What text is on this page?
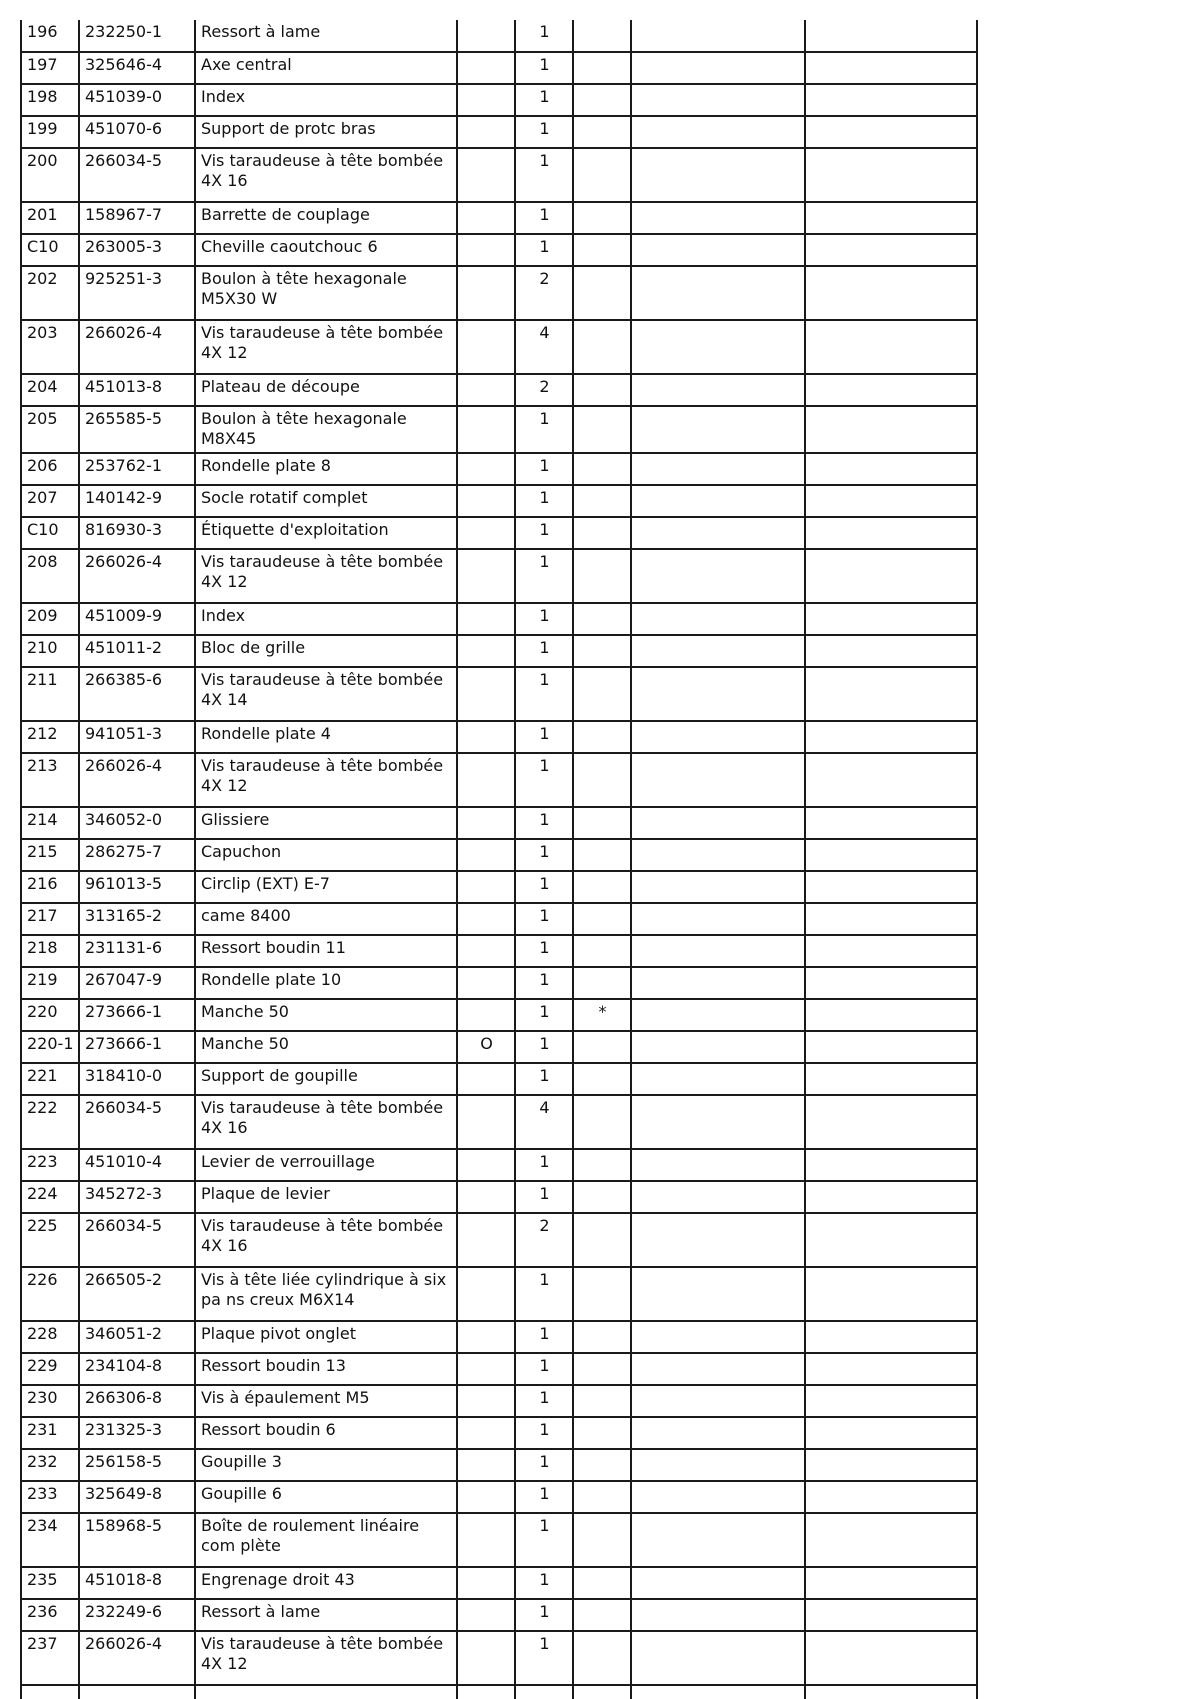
196	232250-1	Ressort à lame		1			
197	325646-4	Axe central		1			
198	451039-0	Index		1			
199	451070-6	Support de protc bras		1			
200	266034-5	Vis taraudeuse à tête bombée 4X 16		1			
201	158967-7	Barrette de couplage		1			
C10	263005-3	Cheville caoutchouc 6		1			
202	925251-3	Boulon à tête hexagonale M5X30 W		2			
203	266026-4	Vis taraudeuse à tête bombée 4X 12		4			
204	451013-8	Plateau de découpe		2			
205	265585-5	Boulon à tête hexagonale M8X45		1			
206	253762-1	Rondelle plate 8		1			
207	140142-9	Socle rotatif complet		1			
C10	816930-3	Étiquette d'exploitation		1			
208	266026-4	Vis taraudeuse à tête bombée 4X 12		1			
209	451009-9	Index		1			
210	451011-2	Bloc de grille		1			
211	266385-6	Vis taraudeuse à tête bombée 4X 14		1			
212	941051-3	Rondelle plate 4		1			
213	266026-4	Vis taraudeuse à tête bombée 4X 12		1			
214	346052-0	Glissiere		1			
215	286275-7	Capuchon		1			
216	961013-5	Circlip (EXT) E-7		1			
217	313165-2	came 8400		1			
218	231131-6	Ressort boudin 11		1			
219	267047-9	Rondelle plate 10		1			
220	273666-1	Manche 50		1	*		
220-1	273666-1	Manche 50	O	1			
221	318410-0	Support de goupille		1			
222	266034-5	Vis taraudeuse à tête bombée 4X 16		4			
223	451010-4	Levier de verrouillage		1			
224	345272-3	Plaque de levier		1			
225	266034-5	Vis taraudeuse à tête bombée 4X 16		2			
226	266505-2	Vis à tête liée cylindrique à six pa ns creux M6X14		1			
228	346051-2	Plaque pivot onglet		1			
229	234104-8	Ressort boudin 13		1			
230	266306-8	Vis à épaulement M5		1			
231	231325-3	Ressort boudin 6		1			
232	256158-5	Goupille 3		1			
233	325649-8	Goupille 6		1			
234	158968-5	Boîte de roulement linéaire com plète		1			
235	451018-8	Engrenage droit 43		1			
236	232249-6	Ressort à lame		1			
237	266026-4	Vis taraudeuse à tête bombée 4X 12		1			
